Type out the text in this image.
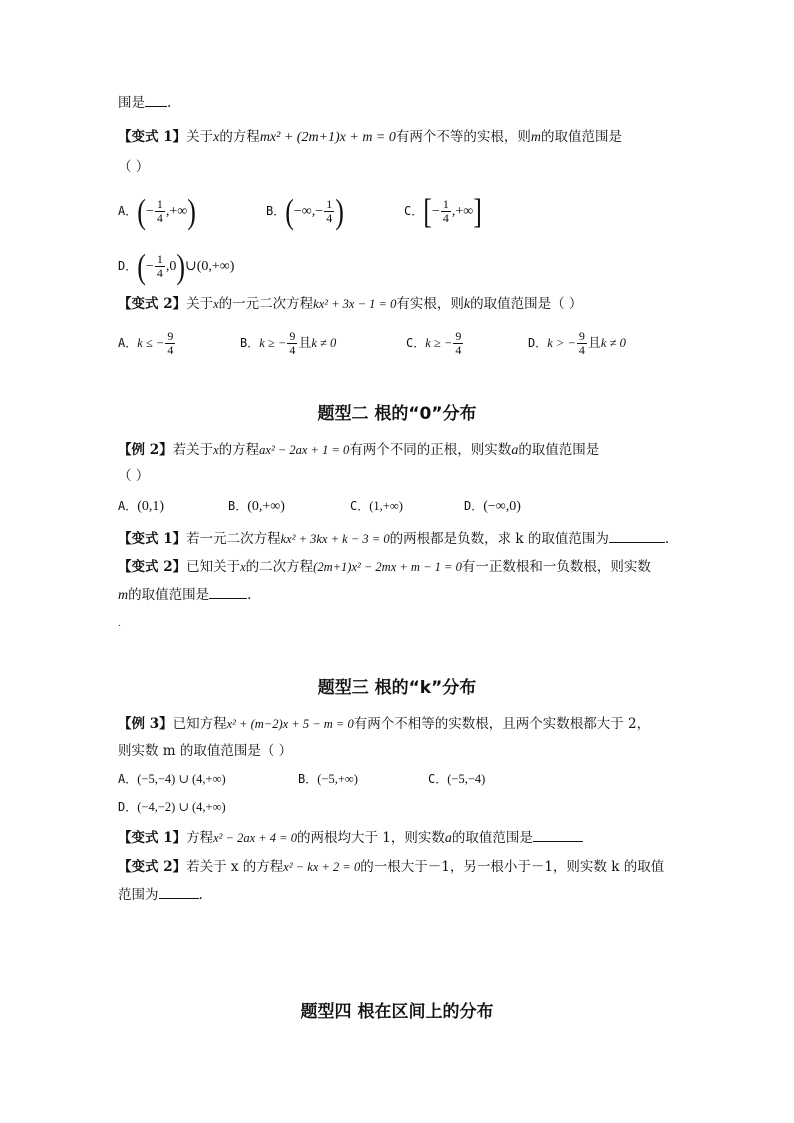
围是 .
【变式 1】关于x的方程mx² + (2m+1)x + m = 0有两个不等的实根，则m的取值范围是
（ ）
A．(− $\frac{1}{4}$ ,+∞)	B．(−∞,− $\frac{1}{4}$ )	C．[− $\frac{1}{4}$ ,+∞]
D．(− $\frac{1}{4}$ ,0)∪(0,+∞)
【变式 2】关于x的一元二次方程kx² + 3x − 1 = 0有实根，则k的取值范围是（ ）
A．k ≤ − $\frac{9}{4}$	B．k ≥ − $\frac{9}{4}$ 且k ≠ 0	C．k ≥ − $\frac{9}{4}$	D．k > − $\frac{9}{4}$ 且k ≠ 0
题型二 根的“0”分布
【例 2】若关于x的方程ax² − 2ax + 1 = 0有两个不同的正根，则实数a的取值范围是
（ ）
A．(0,1)	B．(0,+∞)	C．(1,+∞)	D．(−∞,0)
【变式 1】若一元二次方程kx² + 3kx + k − 3 = 0的两根都是负数，求 k 的取值范围为	.
【变式 2】已知关于x的二次方程(2m+1)x² − 2mx + m − 1 = 0有一正数根和一负数根，则实数
m的取值范围是	.
.
题型三 根的“k”分布
【例 3】已知方程x² + (m−2)x + 5 − m = 0有两个不相等的实数根，且两个实数根都大于 2，
则实数 m 的取值范围是（ ）
A．(−5,−4) ∪ (4,+∞)	B．(−5,+∞)	C．(−5,−4)
D．(−4,−2) ∪ (4,+∞)
【变式 1】方程x² − 2ax + 4 = 0的两根均大于 1，则实数a的取值范围是
【变式 2】若关于 x 的方程x² − kx + 2 = 0的一根大于－1，另一根小于－1，则实数 k 的取值
范围为	.
题型四 根在区间上的分布
